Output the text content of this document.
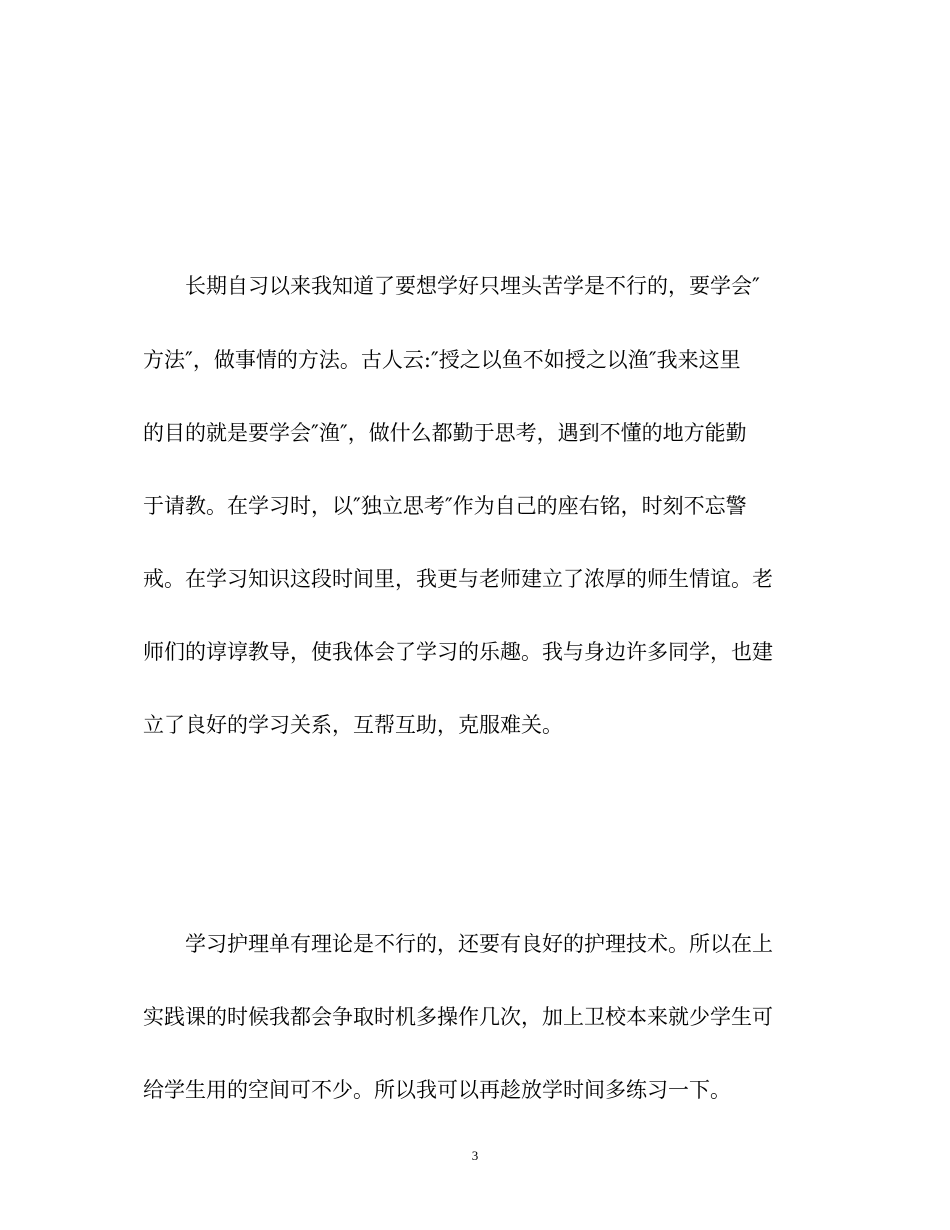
长期自习以来我知道了要想学好只埋头苦学是不行的，要学会″
方法″，做事情的方法。古人云:″授之以鱼不如授之以渔″我来这里
的目的就是要学会″渔″，做什么都勤于思考，遇到不懂的地方能勤
于请教。在学习时，以″独立思考″作为自己的座右铭，时刻不忘警
戒。在学习知识这段时间里，我更与老师建立了浓厚的师生情谊。老
师们的谆谆教导，使我体会了学习的乐趣。我与身边许多同学，也建
立了良好的学习关系，互帮互助，克服难关。
学习护理单有理论是不行的，还要有良好的护理技术。所以在上
实践课的时候我都会争取时机多操作几次，加上卫校本来就少学生可
给学生用的空间可不少。所以我可以再趁放学时间多练习一下。
3
